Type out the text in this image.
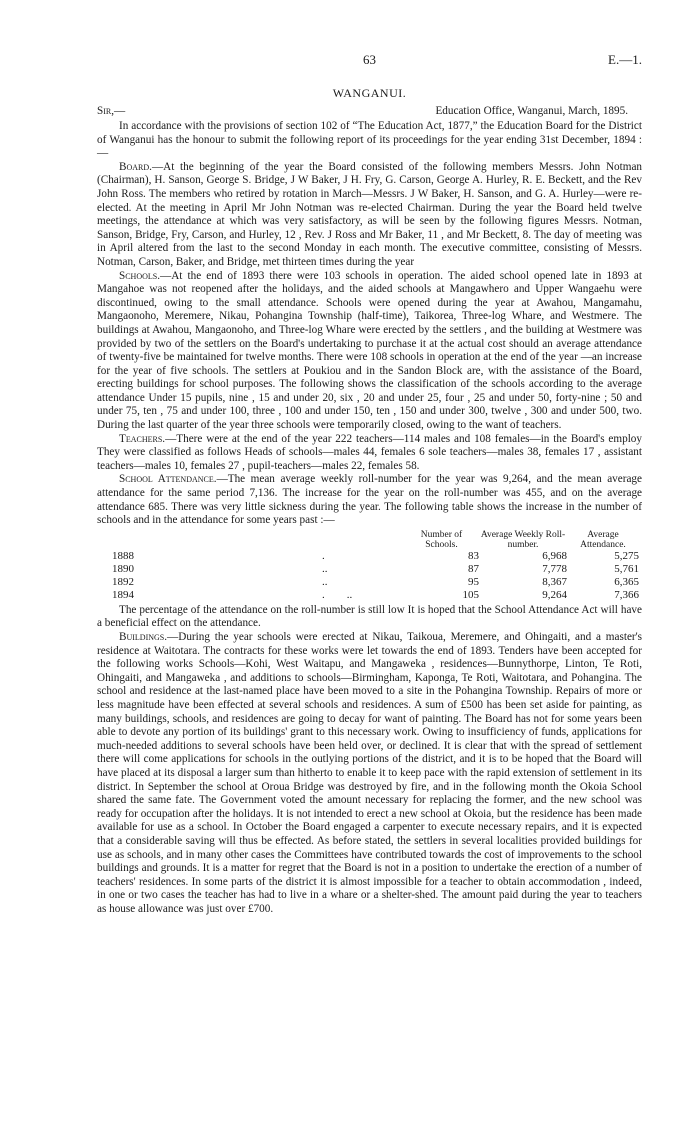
63	E.—1.
WANGANUI.
Sir,—	Education Office, Wanganui, March, 1895.

In accordance with the provisions of section 102 of “The Education Act, 1877,” the Education Board for the District of Wanganui has the honour to submit the following report of its proceedings for the year ending 31st December, 1894 :—

Board.—At the beginning of the year the Board consisted of the following members Messrs. John Notman (Chairman), H. Sanson, George S. Bridge, J W Baker, J H. Fry, G. Carson, George A. Hurley, R. E. Beckett, and the Rev John Ross. The members who retired by rotation in March—Messrs. J W Baker, H. Sanson, and G. A. Hurley—were re-elected. At the meeting in April Mr John Notman was re-elected Chairman. During the year the Board held twelve meetings, the attendance at which was very satisfactory, as will be seen by the following figures Messrs. Notman, Sanson, Bridge, Fry, Carson, and Hurley, 12 , Rev. J Ross and Mr Baker, 11 , and Mr Beckett, 8. The day of meeting was in April altered from the last to the second Monday in each month. The executive committee, consisting of Messrs. Notman, Carson, Baker, and Bridge, met thirteen times during the year

Schools.—At the end of 1893 there were 103 schools in operation. The aided school opened late in 1893 at Mangahoe was not reopened after the holidays, and the aided schools at Mangawhero and Upper Wangaehu were discontinued, owing to the small attendance. Schools were opened during the year at Awahou, Mangamahu, Mangaonoho, Meremere, Nikau, Pohangina Township (half-time), Taikorea, Three-log Whare, and Westmere. The buildings at Awahou, Mangaonoho, and Three-log Whare were erected by the settlers , and the building at Westmere was provided by two of the settlers on the Board's undertaking to purchase it at the actual cost should an average attendance of twenty-five be maintained for twelve months. There were 108 schools in operation at the end of the year —an increase for the year of five schools. The settlers at Poukiou and in the Sandon Block are, with the assistance of the Board, erecting buildings for school purposes. The following shows the classification of the schools according to the average attendance Under 15 pupils, nine , 15 and under 20, six , 20 and under 25, four , 25 and under 50, forty-nine ; 50 and under 75, ten , 75 and under 100, three , 100 and under 150, ten , 150 and under 300, twelve , 300 and under 500, two. During the last quarter of the year three schools were temporarily closed, owing to the want of teachers.

Teachers.—There were at the end of the year 222 teachers—114 males and 108 females—in the Board's employ They were classified as follows Heads of schools—males 44, females 6 sole teachers—males 38, females 17 , assistant teachers—males 10, females 27 , pupil-teachers—males 22, females 58.

School Attendance.—The mean average weekly roll-number for the year was 9,264, and the mean average attendance for the same period 7,136. The increase for the year on the roll-number was 455, and on the average attendance 685. There was very little sickness during the year. The following table shows the increase in the number of schools and in the attendance for some years past :—

		Number of Schools.	Average Weekly Roll-number.	Average Attendance.
1888	.	83	6,968	5,275
1890	..	87	7,778	5,761
1892	..	95	8,367	6,365
1894	.        ..	105	9,264	7,366

The percentage of the attendance on the roll-number is still low It is hoped that the School Attendance Act will have a beneficial effect on the attendance.

Buildings.—During the year schools were erected at Nikau, Taikoua, Meremere, and Ohingaiti, and a master's residence at Waitotara. The contracts for these works were let towards the end of 1893. Tenders have been accepted for the following works Schools—Kohi, West Waitapu, and Mangaweka , residences—Bunnythorpe, Linton, Te Roti, Ohingaiti, and Mangaweka , and additions to schools—Birmingham, Kaponga, Te Roti, Waitotara, and Pohangina. The school and residence at the last-named place have been moved to a site in the Pohangina Township. Repairs of more or less magnitude have been effected at several schools and residences. A sum of £500 has been set aside for painting, as many buildings, schools, and residences are going to decay for want of painting. The Board has not for some years been able to devote any portion of its buildings' grant to this necessary work. Owing to insufficiency of funds, applications for much-needed additions to several schools have been held over, or declined. It is clear that with the spread of settlement there will come applications for schools in the outlying portions of the district, and it is to be hoped that the Board will have placed at its disposal a larger sum than hitherto to enable it to keep pace with the rapid extension of settlement in its district. In September the school at Oroua Bridge was destroyed by fire, and in the following month the Okoia School shared the same fate. The Government voted the amount necessary for replacing the former, and the new school was ready for occupation after the holidays. It is not intended to erect a new school at Okoia, but the residence has been made available for use as a school. In October the Board engaged a carpenter to execute necessary repairs, and it is expected that a considerable saving will thus be effected. As before stated, the settlers in several localities provided buildings for use as schools, and in many other cases the Committees have contributed towards the cost of improvements to the school buildings and grounds. It is a matter for regret that the Board is not in a position to undertake the erection of a number of teachers' residences. In some parts of the district it is almost impossible for a teacher to obtain accommodation , indeed, in one or two cases the teacher has had to live in a whare or a shelter-shed. The amount paid during the year to teachers as house allowance was just over £700.
